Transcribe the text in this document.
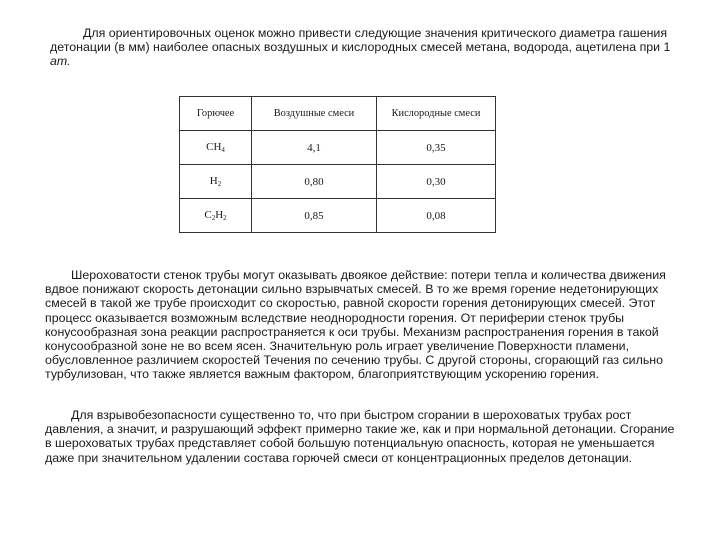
Для ориентировочных оценок можно привести следующие значения критического диаметра гашения детонации (в мм) наиболее опасных воздушных и кислородных смесей метана, водорода, ацетилена при 1 ат.

Горючее	Воздушные смеси	Кислородные смеси
$CH_4$	4,1	0,35
$H_2$	0,80	0,30
$C_2H_2$	0,85	0,08

Шероховатости стенок трубы могут оказывать двоякое действие: потери тепла и количества движения вдвое понижают скорость детонации сильно взрывчатых смесей. В то же время горение недетонирующих смесей в такой же трубе происходит со скоростью, равной скорости горения детонирующих смесей. Этот процесс оказывается возможным вследствие неоднородности горения. От периферии стенок трубы конусообразная зона реакции распространяется к оси трубы. Механизм распространения горения в такой конусообразной зоне не во всем ясен. Значительную роль играет увеличение Поверхности пламени, обусловленное различием скоростей Течения по сечению трубы. С другой стороны, сгорающий газ сильно турбулизован, что также является важным фактором, благоприятствующим ускорению горения.

Для взрывобезопасности существенно то, что при быстром сгорании в шероховатых трубах рост давления, а значит, и разрушающий эффект примерно такие же, как и при нормальной детонации. Сгорание в шероховатых трубах представляет собой большую потенциальную опасность, которая не уменьшается даже при значительном удалении состава горючей смеси от концентрационных пределов детонации.
